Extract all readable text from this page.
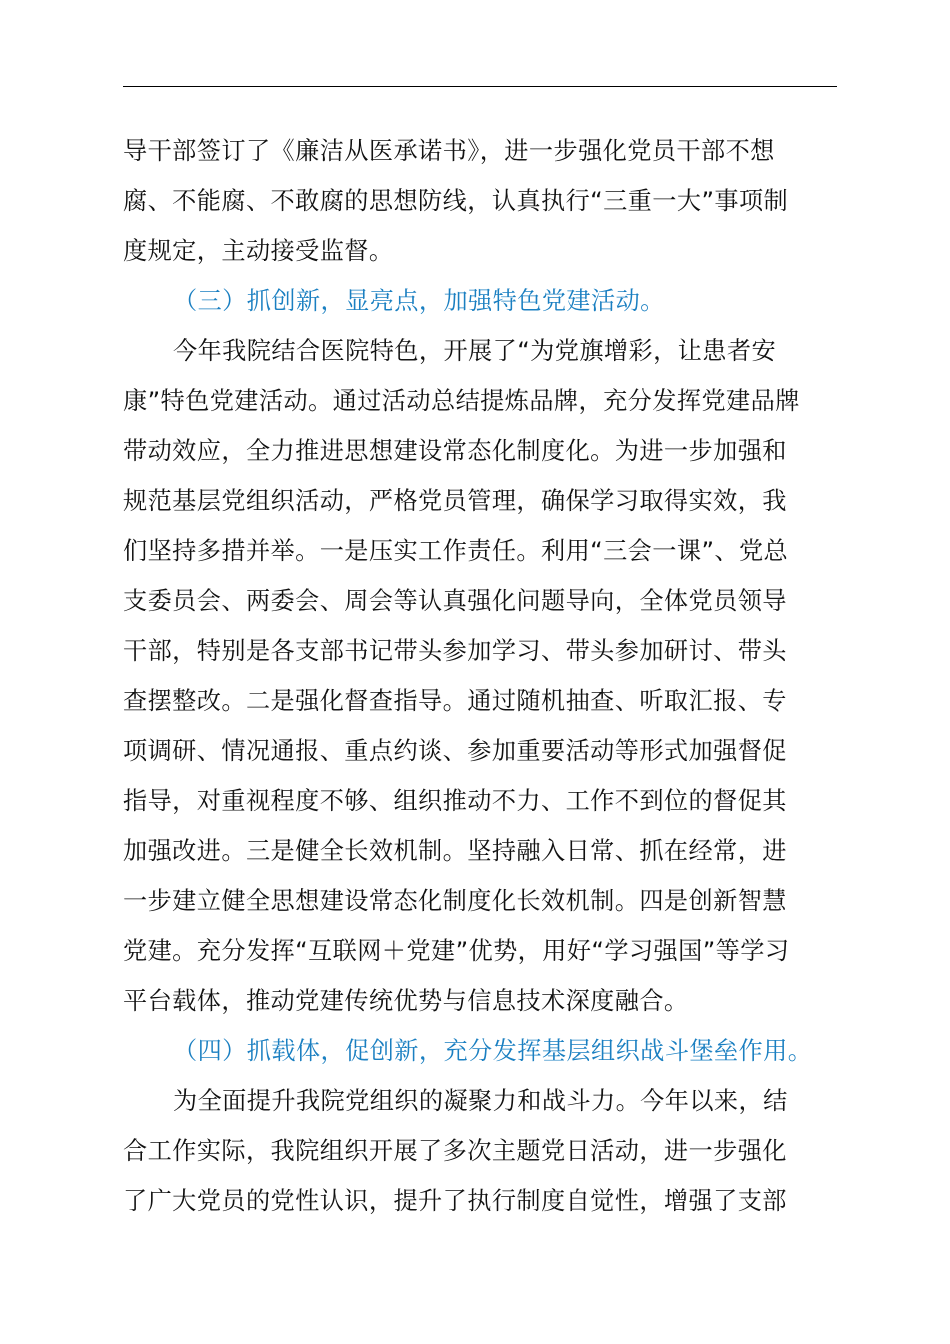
导干部签订了《廉洁从医承诺书》，进一步强化党员干部不想
腐、不能腐、不敢腐的思想防线，认真执行“三重一大”事项制
度规定，主动接受监督。
（三）抓创新，显亮点，加强特色党建活动。
今年我院结合医院特色，开展了“为党旗增彩，让患者安
康”特色党建活动。通过活动总结提炼品牌，充分发挥党建品牌
带动效应，全力推进思想建设常态化制度化。为进一步加强和
规范基层党组织活动，严格党员管理，确保学习取得实效，我
们坚持多措并举。一是压实工作责任。利用“三会一课”、党总
支委员会、两委会、周会等认真强化问题导向，全体党员领导
干部，特别是各支部书记带头参加学习、带头参加研讨、带头
查摆整改。二是强化督查指导。通过随机抽查、听取汇报、专
项调研、情况通报、重点约谈、参加重要活动等形式加强督促
指导，对重视程度不够、组织推动不力、工作不到位的督促其
加强改进。三是健全长效机制。坚持融入日常、抓在经常，进
一步建立健全思想建设常态化制度化长效机制。四是创新智慧
党建。充分发挥“互联网＋党建”优势，用好“学习强国”等学习
平台载体，推动党建传统优势与信息技术深度融合。
（四）抓载体，促创新，充分发挥基层组织战斗堡垒作用。
为全面提升我院党组织的凝聚力和战斗力。今年以来，结
合工作实际，我院组织开展了多次主题党日活动，进一步强化
了广大党员的党性认识，提升了执行制度自觉性，增强了支部
